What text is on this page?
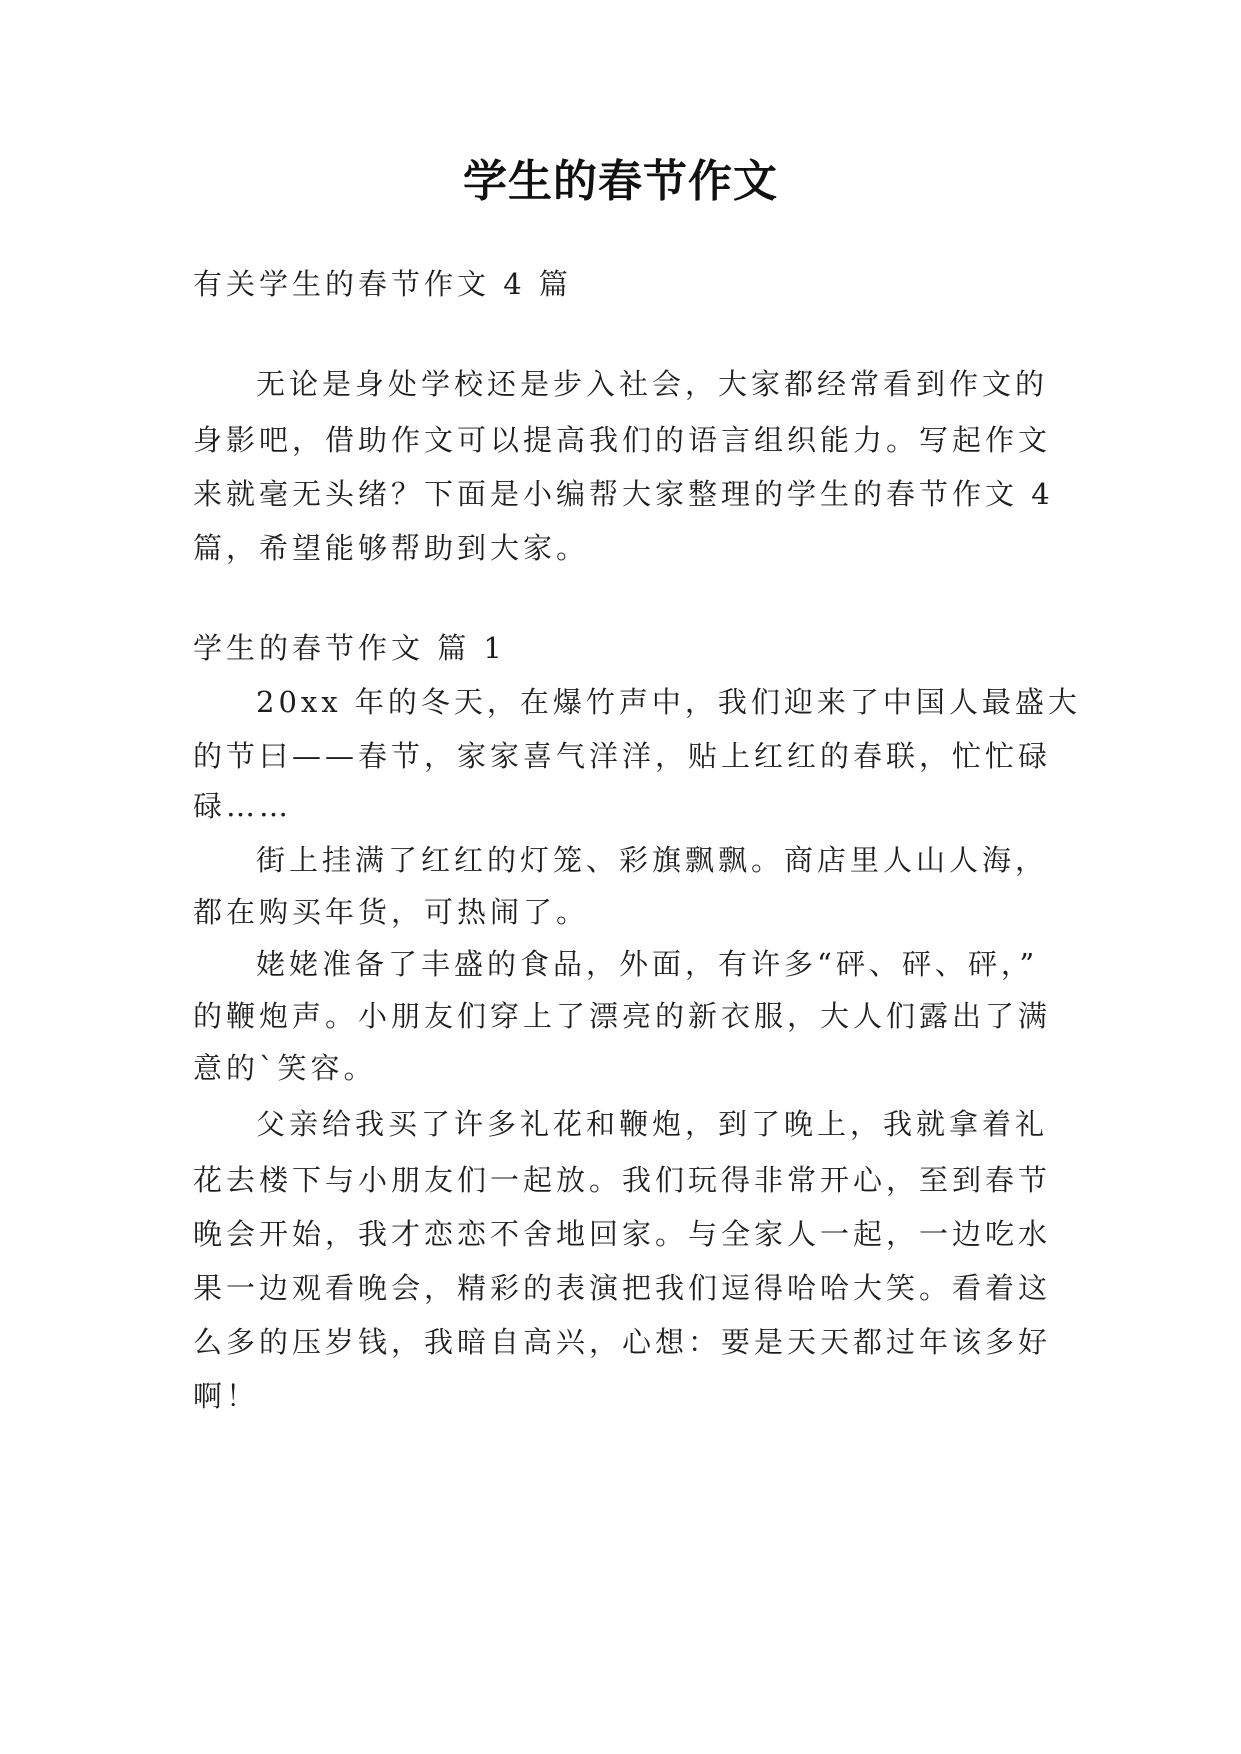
学生的春节作文
有关学生的春节作文 4 篇
无论是身处学校还是步入社会，大家都经常看到作文的
身影吧，借助作文可以提高我们的语言组织能力。写起作文
来就毫无头绪？下面是小编帮大家整理的学生的春节作文 4
篇，希望能够帮助到大家。
学生的春节作文 篇 1
20xx 年的冬天，在爆竹声中，我们迎来了中国人最盛大
的节曰——春节，家家喜气洋洋，贴上红红的春联，忙忙碌
碌……
街上挂满了红红的灯笼、彩旗飘飘。商店里人山人海，
都在购买年货，可热闹了。
姥姥准备了丰盛的食品，外面，有许多“砰、砰、砰，”
的鞭炮声。小朋友们穿上了漂亮的新衣服，大人们露出了满
意的`笑容。
父亲给我买了许多礼花和鞭炮，到了晚上，我就拿着礼
花去楼下与小朋友们一起放。我们玩得非常开心，至到春节
晚会开始，我才恋恋不舍地回家。与全家人一起，一边吃水
果一边观看晚会，精彩的表演把我们逗得哈哈大笑。看着这
么多的压岁钱，我暗自高兴，心想：要是天天都过年该多好
啊！
